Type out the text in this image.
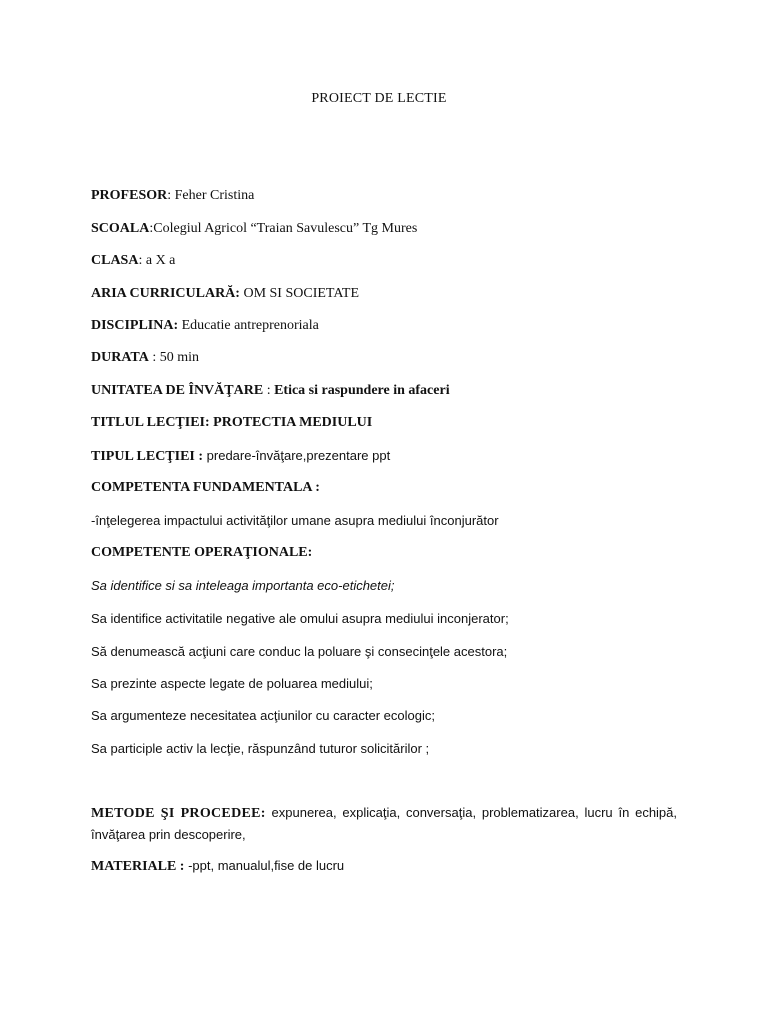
PROIECT DE LECTIE
PROFESOR: Feher Cristina
SCOALA:Colegiul Agricol “Traian Savulescu” Tg Mures
CLASA: a X a
ARIA CURRICULARĂ: OM SI SOCIETATE
DISCIPLINA: Educatie antreprenoriala
DURATA : 50 min
UNITATEA DE ÎNVĂŢARE : Etica si raspundere in afaceri
TITLUL LECŢIEI: PROTECTIA MEDIULUI
TIPUL LECŢIEI : predare-învăţare,prezentare ppt
COMPETENTA FUNDAMENTALA :
-înţelegerea impactului activităţilor umane asupra mediului înconjurător
COMPETENTE OPERAŢIONALE:
Sa identifice si sa inteleaga importanta eco-etichetei;
Sa identifice activitatile negative ale omului asupra mediului inconjerator;
Să denumească acţiuni care conduc la poluare şi consecinţele acestora;
Sa prezinte aspecte legate de poluarea mediului;
Sa argumenteze necesitatea acţiunilor cu caracter ecologic;
Sa participle activ la lecţie, răspunzând tuturor solicitărilor ;
METODE ŞI PROCEDEE: expunerea, explicaţia, conversaţia, problematizarea, lucru în echipă, învăţarea prin descoperire,
MATERIALE : -ppt, manualul,fise de lucru
